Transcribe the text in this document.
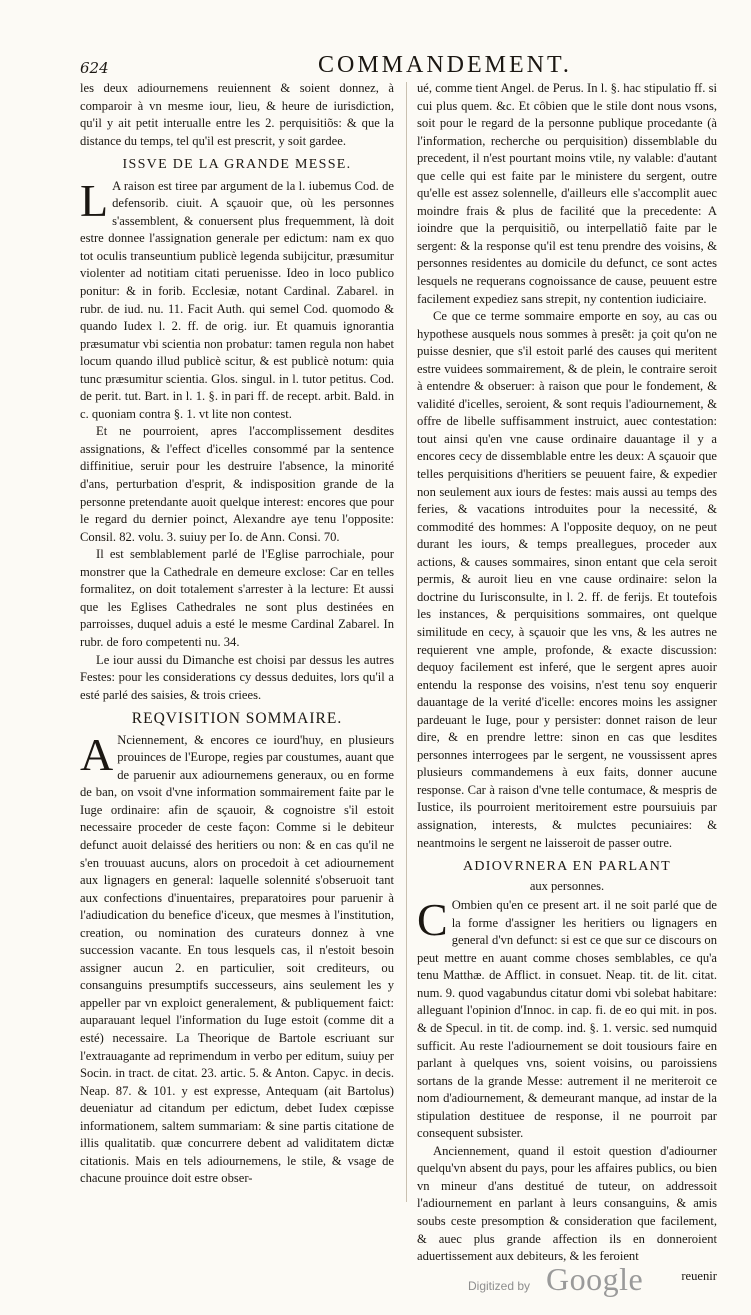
624	COMMANDEMENT.

les deux adiournemens reuiennent & soient donnez, à comparoir à vn mesme iour, lieu, & heure de iurisdiction, qu'il y ait petit interualle entre les 2. perquisitiõs: & que la distance du temps, tel qu'il est prescrit, y soit gardee.

ISSVE DE LA GRANDE MESSE.

L A raison est tiree par argument de la l. iubemus Cod. de defensorib. ciuit. A sçauoir que, où les personnes s'assemblent, & conuersent plus frequemment, là doit estre donnee l'assignation generale per edictum: nam ex quo tot oculis transeuntium publicè legenda subijcitur, præsumitur violenter ad notitiam citati peruenisse. Ideo in loco publico ponitur: & in forib. Ecclesiæ, notant Cardinal. Zabarel. in rubr. de iud. nu. 11. Facit Auth. qui semel Cod. quomodo & quando Iudex l. 2. ff. de orig. iur. Et quamuis ignorantia præsumatur vbi scientia non probatur: tamen regula non habet locum quando illud publicè scitur, & est publicè notum: quia tunc præsumitur scientia. Glos. singul. in l. tutor petitus. Cod. de perit. tut. Bart. in l. 1. §. in pari ff. de recept. arbit. Bald. in c. quoniam contra §. 1. vt lite non contest.

Et ne pourroient, apres l'accomplissement desdites assignations, & l'effect d'icelles consommé par la sentence diffinitiue, seruir pour les destruire l'absence, la minorité d'ans, perturbation d'esprit, & indisposition grande de la personne pretendante auoit quelque interest: encores que pour le regard du dernier poinct, Alexandre aye tenu l'opposite: Consil. 82. volu. 3. suiuy per Io. de Ann. Consi. 70.

Il est semblablement parlé de l'Eglise parrochiale, pour monstrer que la Cathedrale en demeure exclose: Car en telles formalitez, on doit totalement s'arrester à la lecture: Et aussi que les Eglises Cathedrales ne sont plus destinées en parroisses, duquel aduis a esté le mesme Cardinal Zabarel. In rubr. de foro competenti nu. 34.

Le iour aussi du Dimanche est choisi par dessus les autres Festes: pour les considerations cy dessus deduites, lors qu'il a esté parlé des saisies, & trois criees.

REQVISITION SOMMAIRE.

A Nciennement, & encores ce iourd'huy, en plusieurs prouinces de l'Europe, regies par coustumes, auant que de paruenir aux adiournemens generaux, ou en forme de ban, on vsoit d'vne information sommairement faite par le Iuge ordinaire: afin de sçauoir, & cognoistre s'il estoit necessaire proceder de ceste façon: Comme si le debiteur defunct auoit delaissé des heritiers ou non: & en cas qu'il ne s'en trouuast aucuns, alors on procedoit à cet adiournement aux lignagers en general: laquelle solennité s'obseruoit tant aux confections d'inuentaires, preparatoires pour paruenir à l'adiudication du benefice d'iceux, que mesmes à l'institution, creation, ou nomination des curateurs donnez à vne succession vacante. En tous lesquels cas, il n'estoit besoin assigner aucun 2. en particulier, soit crediteurs, ou consanguins presumptifs successeurs, ains seulement les y appeller par vn exploict generalement, & publiquement faict: auparauant lequel l'information du Iuge estoit (comme dit a esté) necessaire. La Theorique de Bartole escriuant sur l'extrauagante ad reprimendum in verbo per editum, suiuy per Socin. in tract. de citat. 23. artic. 5. & Anton. Capyc. in decis. Neap. 87. & 101. y est expresse, Antequam (ait Bartolus) deueniatur ad citandum per edictum, debet Iudex cœpisse informationem, saltem summariam: & sine partis citatione de illis qualitatib. quæ concurrere debent ad validitatem dictæ citationis. Mais en tels adiournemens, le stile, & vsage de chacune prouince doit estre obser-

ué, comme tient Angel. de Perus. In l. §. hac stipulatio ff. si cui plus quem. &c. Et côbien que le stile dont nous vsons, soit pour le regard de la personne publique procedante (à l'information, recherche ou perquisition) dissemblable du precedent, il n'est pourtant moins vtile, ny valable: d'autant que celle qui est faite par le ministere du sergent, outre qu'elle est assez solennelle, d'ailleurs elle s'accomplit auec moindre frais & plus de facilité que la precedente: A ioindre que la perquisitiõ, ou interpellatiõ faite par le sergent: & la response qu'il est tenu prendre des voisins, & personnes residentes au domicile du defunct, ce sont actes lesquels ne requerans cognoissance de cause, peuuent estre facilement expediez sans strepit, ny contention iudiciaire.

Ce que ce terme sommaire emporte en soy, au cas ou hypothese ausquels nous sommes à presẽt: ja çoit qu'on ne puisse desnier, que s'il estoit parlé des causes qui meritent estre vuidees sommairement, & de plein, le contraire seroit à entendre & obseruer: à raison que pour le fondement, & validité d'icelles, seroient, & sont requis l'adiournement, & offre de libelle suffisamment instruict, auec contestation: tout ainsi qu'en vne cause ordinaire dauantage il y a encores cecy de dissemblable entre les deux: A sçauoir que telles perquisitions d'heritiers se peuuent faire, & expedier non seulement aux iours de festes: mais aussi au temps des feries, & vacations introduites pour la necessité, & commodité des hommes: A l'opposite dequoy, on ne peut durant les iours, & temps preallegues, proceder aux actions, & causes sommaires, sinon entant que cela seroit permis, & auroit lieu en vne cause ordinaire: selon la doctrine du Iurisconsulte, in l. 2. ff. de ferijs. Et toutefois les instances, & perquisitions sommaires, ont quelque similitude en cecy, à sçauoir que les vns, & les autres ne requierent vne ample, profonde, & exacte discussion: dequoy facilement est inferé, que le sergent apres auoir entendu la response des voisins, n'est tenu soy enquerir dauantage de la verité d'icelle: encores moins les assigner pardeuant le Iuge, pour y persister: donnet raison de leur dire, & en prendre lettre: sinon en cas que lesdites personnes interrogees par le sergent, ne voussissent apres plusieurs commandemens à eux faits, donner aucune response. Car à raison d'vne telle contumace, & mespris de Iustice, ils pourroient meritoirement estre poursuiuis par assignation, interests, & mulctes pecuniaires: & neantmoins le sergent ne laisseroit de passer outre.

ADIOVRNERA EN PARLANT
aux personnes.

C Ombien qu'en ce present art. il ne soit parlé que de la forme d'assigner les heritiers ou lignagers en general d'vn defunct: si est ce que sur ce discours on peut mettre en auant comme choses semblables, ce qu'a tenu Matthæ. de Afflict. in consuet. Neap. tit. de lit. citat. num. 9. quod vagabundus citatur domi vbi solebat habitare: alleguant l'opinion d'Innoc. in cap. fi. de eo qui mit. in pos. & de Specul. in tit. de comp. ind. §. 1. versic. sed numquid sufficit. Au reste l'adiournement se doit tousiours faire en parlant à quelques vns, soient voisins, ou paroissiens sortans de la grande Messe: autrement il ne meriteroit ce nom d'adiournement, & demeurant manque, ad instar de la stipulation destituee de response, il ne pourroit par consequent subsister.

Anciennement, quand il estoit question d'adiourner quelqu'vn absent du pays, pour les affaires publics, ou bien vn mineur d'ans destitué de tuteur, on addressoit l'adiournement en parlant à leurs consanguins, & amis soubs ceste presomption & consideration que facilement, & auec plus grande affection ils en donneroient aduertissement aux debiteurs, & les feroient

reuenir
Digitized by Google
